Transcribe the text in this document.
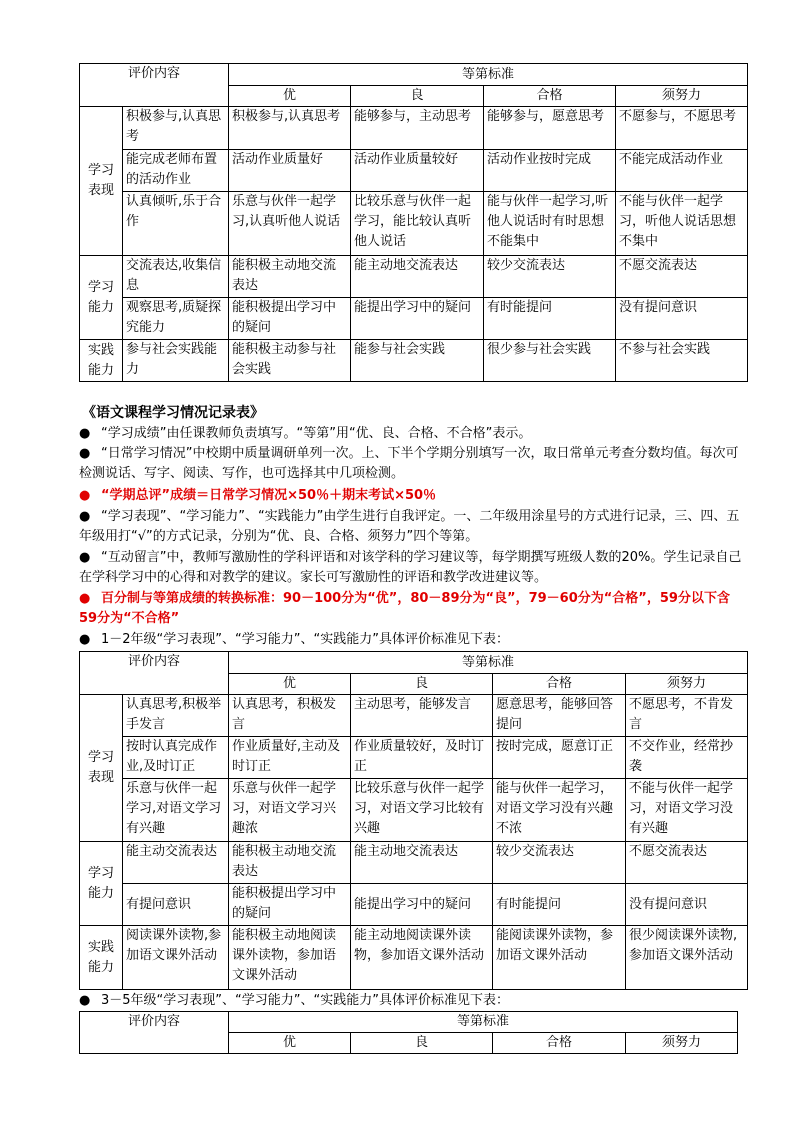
评价内容		等第标准			
		优	良	合格	须努力
学习
表现	积极参与,认真思考	积极参与,认真思考	能够参与，主动思考	能够参与，愿意思考	不愿参与，不愿思考
	能完成老师布置的活动作业	活动作业质量好	活动作业质量较好	活动作业按时完成	不能完成活动作业
	认真倾听,乐于合作	乐意与伙伴一起学习,认真听他人说话	比较乐意与伙伴一起学习，能比较认真听他人说话	能与伙伴一起学习,听他人说话时有时思想不能集中	不能与伙伴一起学习，听他人说话思想不集中
学习
能力	交流表达,收集信息	能积极主动地交流表达	能主动地交流表达	较少交流表达	不愿交流表达
	观察思考,质疑探究能力	能积极提出学习中的疑问	能提出学习中的疑问	有时能提问	没有提问意识
实践
能力	参与社会实践能力	能积极主动参与社会实践	能参与社会实践	很少参与社会实践	不参与社会实践
《语文课程学习情况记录表》
● “学习成绩”由任课教师负责填写。“等第”用“优、良、合格、不合格”表示。
● “日常学习情况”中校期中质量调研单列一次。上、下半个学期分别填写一次，取日常单元考查分数均值。每次可检测说话、写字、阅读、写作，也可选择其中几项检测。
● “学期总评”成绩＝日常学习情况×50％＋期末考试×50％
● “学习表现”、“学习能力”、“实践能力”由学生进行自我评定。一、二年级用涂星号的方式进行记录，三、四、五年级用打“√”的方式记录，分别为“优、良、合格、须努力”四个等第。
● “互动留言”中，教师写激励性的学科评语和对该学科的学习建议等，每学期撰写班级人数的20%。学生记录自己在学科学习中的心得和对教学的建议。家长可写激励性的评语和教学改进建议等。
● 百分制与等第成绩的转换标准：90－100分为“优”，80－89分为“良”，79－60分为“合格”，59分以下含59分为“不合格”
● 1－2年级“学习表现”、“学习能力”、“实践能力”具体评价标准见下表：
评价内容		等第标准			
		优	良	合格	须努力
学习
表现	认真思考,积极举手发言	认真思考，积极发言	主动思考，能够发言	愿意思考，能够回答提问	不愿思考，不肯发言
	按时认真完成作业,及时订正	作业质量好,主动及时订正	作业质量较好，及时订正	按时完成，愿意订正	不交作业，经常抄袭
	乐意与伙伴一起学习,对语文学习有兴趣	乐意与伙伴一起学习，对语文学习兴趣浓	比较乐意与伙伴一起学习，对语文学习比较有兴趣	能与伙伴一起学习，对语文学习没有兴趣不浓	不能与伙伴一起学习，对语文学习没有兴趣
学习
能力	能主动交流表达	能积极主动地交流表达	能主动地交流表达	较少交流表达	不愿交流表达
	有提问意识	能积极提出学习中的疑问	能提出学习中的疑问	有时能提问	没有提问意识
实践
能力	阅读课外读物,参加语文课外活动	能积极主动地阅读课外读物，参加语文课外活动	能主动地阅读课外读物，参加语文课外活动	能阅读课外读物，参加语文课外活动	很少阅读课外读物,参加语文课外活动
● 3－5年级“学习表现”、“学习能力”、“实践能力”具体评价标准见下表：
评价内容	等第标准			
	优	良	合格	须努力
